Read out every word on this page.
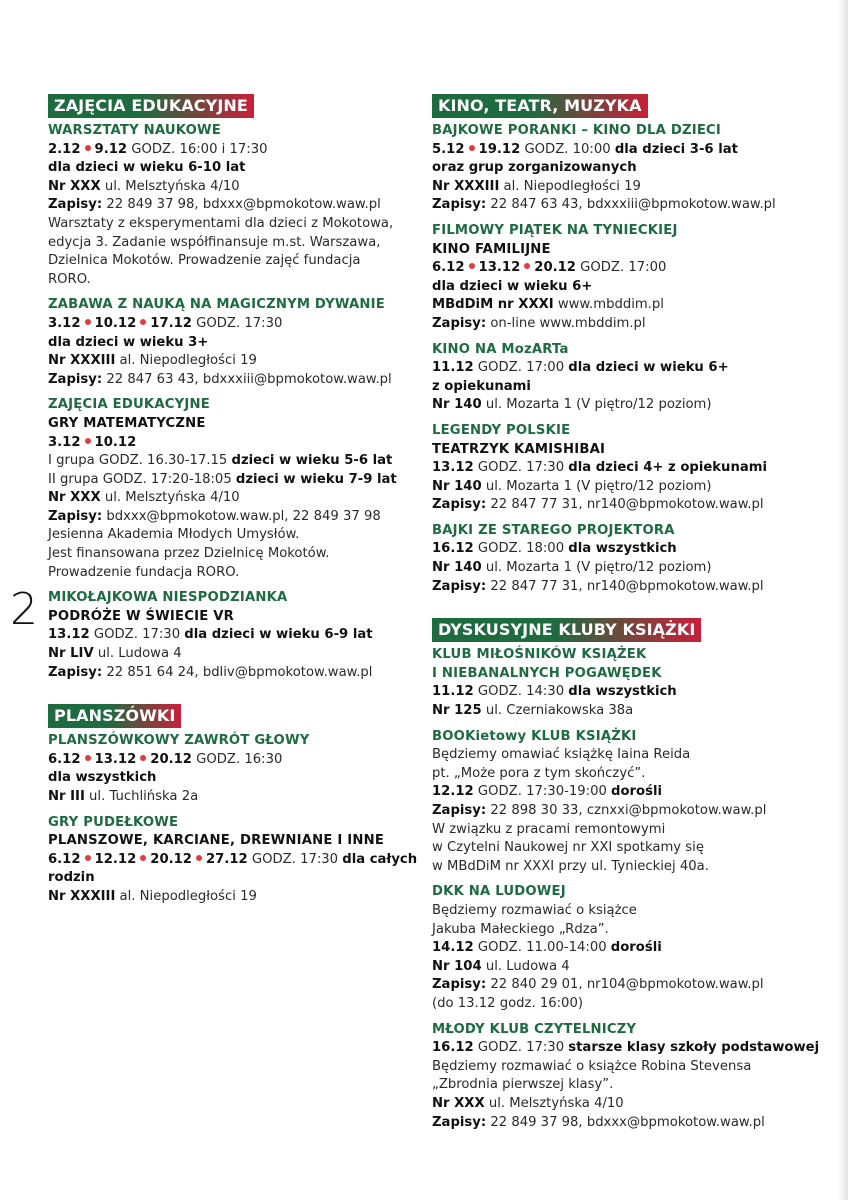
2
ZAJĘCIA EDUKACYJNE
WARSZTATY NAUKOWE
2.12 9.12 GODZ. 16:00 i 17:30
dla dzieci w wieku 6-10 lat
Nr XXX ul. Melsztyńska 4/10
Zapisy: 22 849 37 98, bdxxx@bpmokotow.waw.pl
Warsztaty z eksperymentami dla dzieci z Mokotowa,
edycja 3. Zadanie współfinansuje m.st. Warszawa,
Dzielnica Mokotów. Prowadzenie zajęć fundacja
RORO.
ZABAWA Z NAUKĄ NA MAGICZNYM DYWANIE
3.12 10.12 17.12 GODZ. 17:30
dla dzieci w wieku 3+
Nr XXXIII al. Niepodległości 19
Zapisy: 22 847 63 43, bdxxxiii@bpmokotow.waw.pl
ZAJĘCIA EDUKACYJNE
GRY MATEMATYCZNE
3.12 10.12
I grupa GODZ. 16.30-17.15 dzieci w wieku 5-6 lat
II grupa GODZ. 17:20-18:05 dzieci w wieku 7-9 lat
Nr XXX ul. Melsztyńska 4/10
Zapisy: bdxxx@bpmokotow.waw.pl, 22 849 37 98
Jesienna Akademia Młodych Umysłów.
Jest finansowana przez Dzielnicę Mokotów.
Prowadzenie fundacja RORO.
MIKOŁAJKOWA NIESPODZIANKA
PODRÓŻE W ŚWIECIE VR
13.12 GODZ. 17:30 dla dzieci w wieku 6-9 lat
Nr LIV ul. Ludowa 4
Zapisy: 22 851 64 24, bdliv@bpmokotow.waw.pl
PLANSZÓWKI
PLANSZÓWKOWY ZAWRÓT GŁOWY
6.12 13.12 20.12 GODZ. 16:30
dla wszystkich
Nr III ul. Tuchlińska 2a
GRY PUDEŁKOWE
PLANSZOWE, KARCIANE, DREWNIANE I INNE
6.12 12.12 20.12 27.12 GODZ. 17:30 dla całych
rodzin
Nr XXXIII al. Niepodległości 19
KINO, TEATR, MUZYKA
BAJKOWE PORANKI – KINO DLA DZIECI
5.12 19.12 GODZ. 10:00 dla dzieci 3-6 lat
oraz grup zorganizowanych
Nr XXXIII al. Niepodległości 19
Zapisy: 22 847 63 43, bdxxxiii@bpmokotow.waw.pl
FILMOWY PIĄTEK NA TYNIECKIEJ
KINO FAMILIJNE
6.12 13.12 20.12 GODZ. 17:00
dla dzieci w wieku 6+
MBdDiM nr XXXI www.mbddim.pl
Zapisy: on-line www.mbddim.pl
KINO NA MozARTa
11.12 GODZ. 17:00 dla dzieci w wieku 6+
z opiekunami
Nr 140 ul. Mozarta 1 (V piętro/12 poziom)
LEGENDY POLSKIE
TEATRZYK KAMISHIBAI
13.12 GODZ. 17:30 dla dzieci 4+ z opiekunami
Nr 140 ul. Mozarta 1 (V piętro/12 poziom)
Zapisy: 22 847 77 31, nr140@bpmokotow.waw.pl
BAJKI ZE STAREGO PROJEKTORA
16.12 GODZ. 18:00 dla wszystkich
Nr 140 ul. Mozarta 1 (V piętro/12 poziom)
Zapisy: 22 847 77 31, nr140@bpmokotow.waw.pl
DYSKUSYJNE KLUBY KSIĄŻKI
KLUB MIŁOŚNIKÓW KSIĄŻEK
I NIEBANALNYCH POGAWĘDEK
11.12 GODZ. 14:30 dla wszystkich
Nr 125 ul. Czerniakowska 38a
BOOKietowy KLUB KSIĄŻKI
Będziemy omawiać książkę Iaina Reida
pt. „Może pora z tym skończyć”.
12.12 GODZ. 17:30-19:00 dorośli
Zapisy: 22 898 30 33, cznxxi@bpmokotow.waw.pl
W związku z pracami remontowymi
w Czytelni Naukowej nr XXI spotkamy się
w MBdDiM nr XXXI przy ul. Tynieckiej 40a.
DKK NA LUDOWEJ
Będziemy rozmawiać o książce
Jakuba Małeckiego „Rdza”.
14.12 GODZ. 11.00-14:00 dorośli
Nr 104 ul. Ludowa 4
Zapisy: 22 840 29 01, nr104@bpmokotow.waw.pl
(do 13.12 godz. 16:00)
MŁODY KLUB CZYTELNICZY
16.12 GODZ. 17:30 starsze klasy szkoły podstawowej
Będziemy rozmawiać o książce Robina Stevensa
„Zbrodnia pierwszej klasy”.
Nr XXX ul. Melsztyńska 4/10
Zapisy: 22 849 37 98, bdxxx@bpmokotow.waw.pl
